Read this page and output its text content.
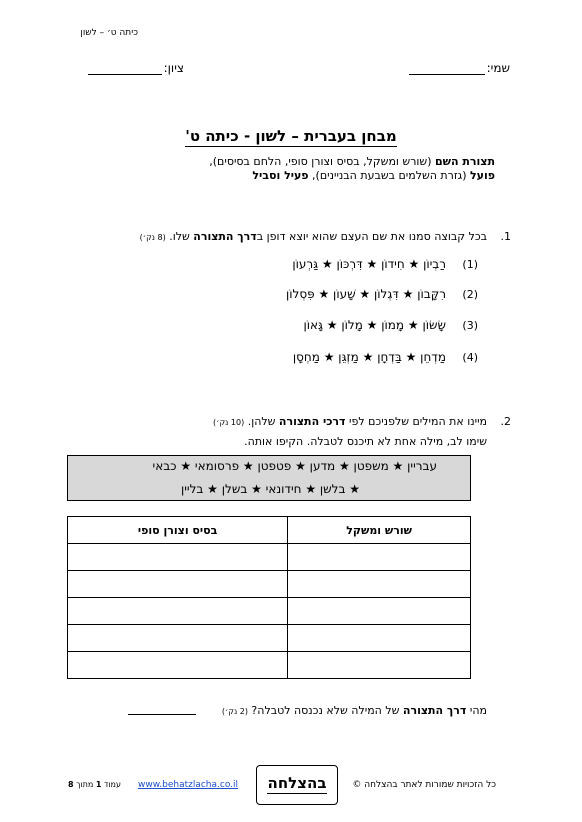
כיתה ט׳ – לשון
שמי:
ציון:
מבחן בעברית – לשון - כיתה ט'
תצורת השם (שורש ומשקל, בסיס וצורן סופי, הלחם בסיסים),
פועל (גזרת השלמים בשבעת הבניינים), פעיל וסביל
.1
בכל קבוצה סמנו את שם העצם שהוא יוצא דופן בדרך התצורה שלו. (8 נק׳)
(1)
רַבְיוֹן ★ חִידוֹן ★ דִּרְכּוֹן ★ גַּרְעוֹן
(2)
רִקָּבוֹן ★ דִּגְלוֹן ★ שָׁעוֹן ★ פִּסְלוֹן
(3)
שָׂשׂוֹן ★ מָמוֹן ★ מָלוֹן ★ גָּאוֹן
(4)
מַדְחֵן ★ בַּדְחָן ★ מַזְגֵּן ★ מַחְסָן
.2
מיינו את המילים שלפניכם לפי דרכי התצורה שלהן. (10 נק׳)
שימו לב, מילה אחת לא תיכנס לטבלה. הקיפו אותה.
עבריין ★ משפטן ★ מדען ★ פטפטן ★ פרסומאי ★ כבאי
★ בלשן ★ חידונאי ★ בשלן ★ בליין
שורש ומשקל	בסיס וצורן סופי

מהי דרך התצורה של המילה שלא נכנסה לטבלה? (2 נק׳)
כל הזכויות שמורות לאתר בהצלחה ©
בהצלחה
www.behatzlacha.co.il
עמוד 1 מתוך 8
